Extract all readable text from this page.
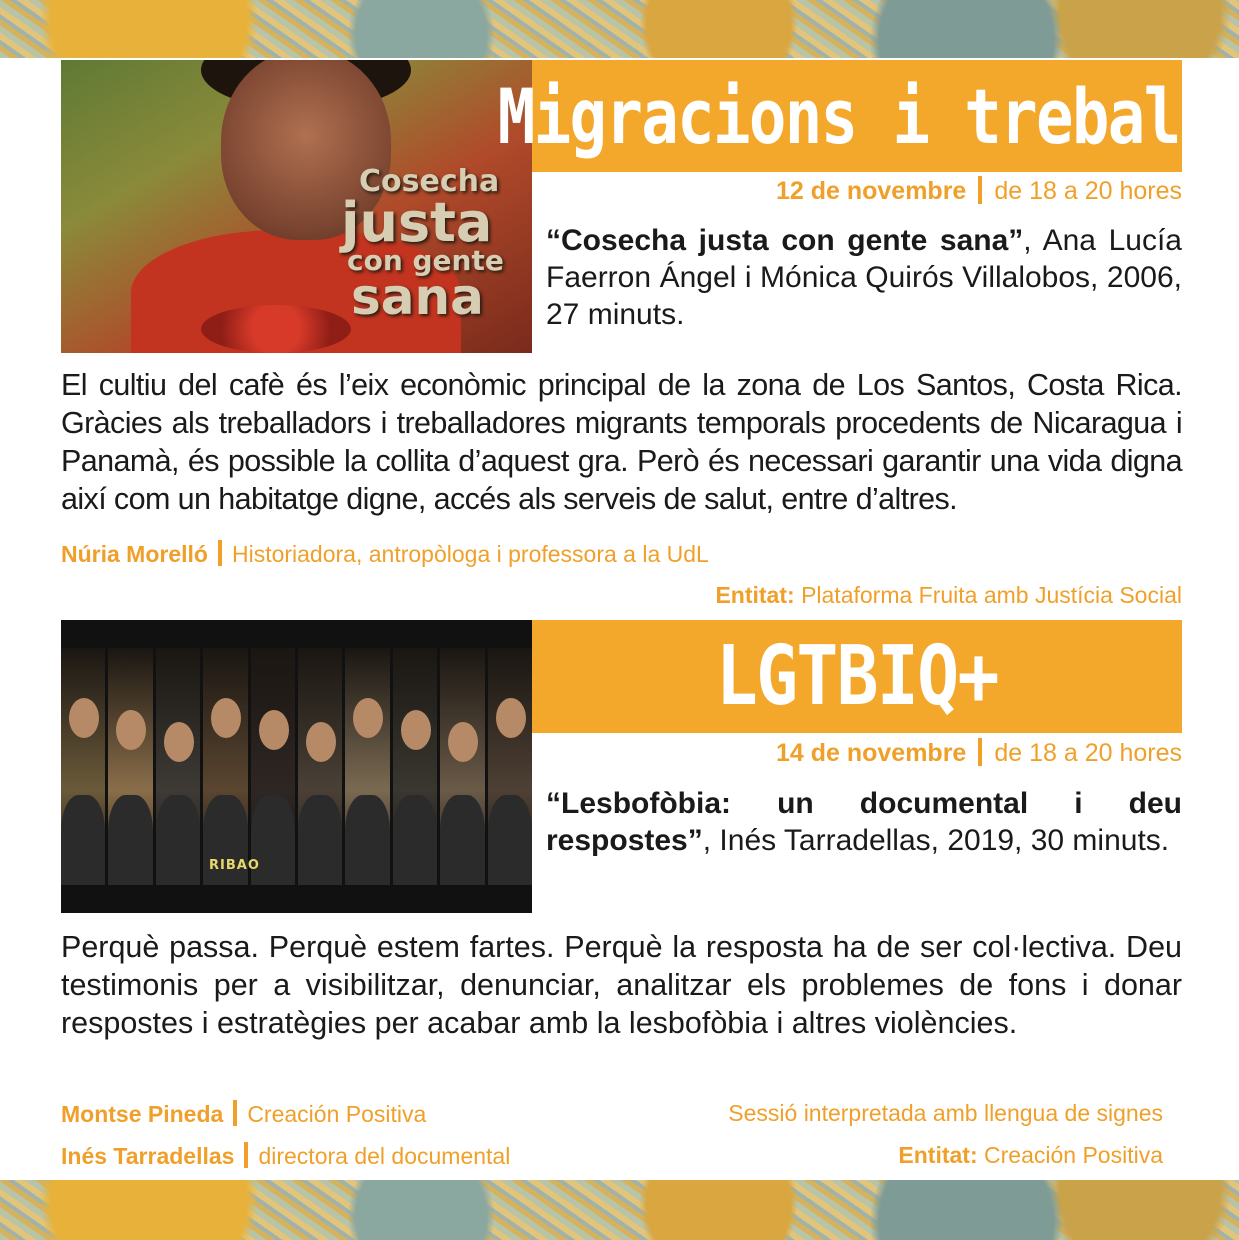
Cosecha
justa
con gente
sana
Migracions i treball
12 de novembre de 18 a 20 hores
“Cosecha justa con gente sana”, Ana Lucía Faerron Ángel i Mónica Quirós Villalobos, 2006, 27 minuts.
El cultiu del cafè és l’eix econòmic principal de la zona de Los Santos, Costa Rica. Gràcies als treballadors i treballadores migrants temporals procedents de Nicaragua i Panamà, és possible la collita d’aquest gra. Però és necessari garantir una vida digna així com un habitatge digne, accés als serveis de salut, entre d’altres.
Núria Morelló Historiadora, antropòloga i professora a la UdL
Entitat: Plataforma Fruita amb Justícia Social
RIBAO
LGTBIQ+
14 de novembre de 18 a 20 hores
“Lesbofòbia: un documental i deu respostes”, Inés Tarradellas, 2019, 30 minuts.
Perquè passa. Perquè estem fartes. Perquè la resposta ha de ser col·lectiva. Deu testimonis per a visibilitzar, denunciar, analitzar els problemes de fons i donar respostes i estratègies per acabar amb la lesbofòbia i altres violències.
Montse Pineda Creación Positiva
Inés Tarradellas directora del documental
Sessió interpretada amb llengua de signes
Entitat: Creación Positiva
